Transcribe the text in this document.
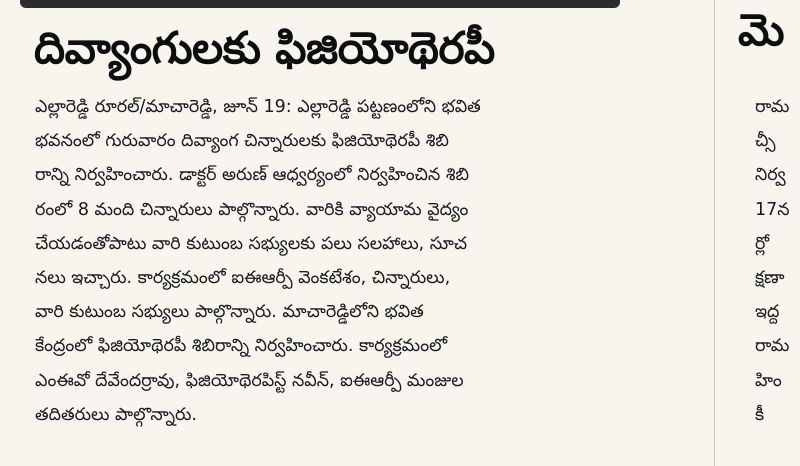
దివ్యాంగులకు ఫిజియోథెరపీ
ఎల్లారెడ్డి రూరల్/మాచారెడ్డి, జూన్ 19: ఎల్లారెడ్డి పట్టణంలోని భవిత
భవనంలో గురువారం దివ్యాంగ చిన్నారులకు ఫిజియోథెరపీ శిబి
రాన్ని నిర్వహించారు. డాక్టర్ అరుణ్ ఆధ్వర్యంలో నిర్వహించిన శిబి
రంలో 8 మంది చిన్నారులు పాల్గొన్నారు. వారికి వ్యాయామ వైద్యం
చేయడంతోపాటు వారి కుటుంబ సభ్యులకు పలు సలహాలు, సూచ
నలు ఇచ్చారు. కార్యక్రమంలో ఐఈఆర్పీ వెంకటేశం, చిన్నారులు,
వారి కుటుంబ సభ్యులు పాల్గొన్నారు. మాచారెడ్డిలోని భవిత
కేంద్రంలో ఫిజియోథెరపీ శిబిరాన్ని నిర్వహించారు. కార్యక్రమంలో
ఎంఈవో దేవేందర్రావు, ఫిజియోథెరపిస్ట్ నవీన్, ఐఈఆర్పీ మంజుల
తదితరులు పాల్గొన్నారు.
మె
రామ
చ్సీ
నిర్వ
17న
ర్లో
క్షణా
ఇద్ద
రామ
హిం
కీ
